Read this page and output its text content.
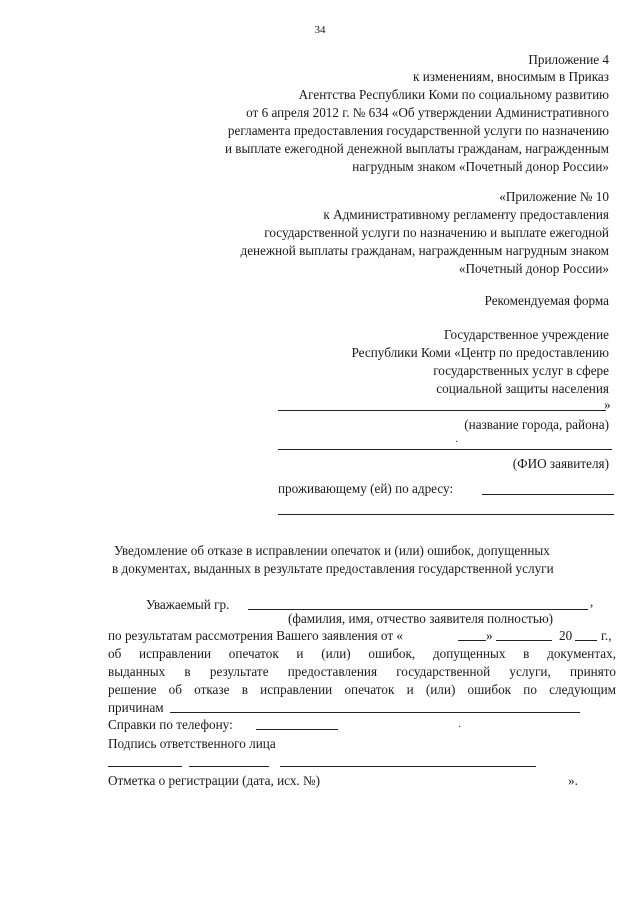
34
Приложение 4
к изменениям, вносимым в Приказ
Агентства Республики Коми по социальному развитию
от 6 апреля 2012 г. № 634 «Об утверждении Административного
регламента предоставления государственной услуги по назначению
и выплате ежегодной денежной выплаты гражданам, награжденным
нагрудным знаком «Почетный донор России»
«Приложение № 10
к Административному регламенту предоставления
государственной услуги по назначению и выплате ежегодной
денежной выплаты гражданам, награжденным нагрудным знаком
«Почетный донор России»
Рекомендуемая форма
Государственное учреждение
Республики Коми «Центр по предоставлению
государственных услуг в сфере
социальной защиты населения
»
(название города, района)
·
(ФИО заявителя)
проживающему (ей) по адресу:
Уведомление об отказе в исправлении опечаток и (или) ошибок, допущенных
в документах, выданных в результате предоставления государственной услуги
Уважаемый гр.	,
(фамилия, имя, отчество заявителя полностью)
по результатам рассмотрения Вашего заявления от «	»	20 г.,
об исправлении опечаток и (или) ошибок, допущенных в документах,
выданных в результате предоставления государственной услуги, принято
решение об отказе в исправлении опечаток и (или) ошибок по следующим
причинам
Справки по телефону:	·
Подпись ответственного лица
Отметка о регистрации (дата, исх. №)	».
